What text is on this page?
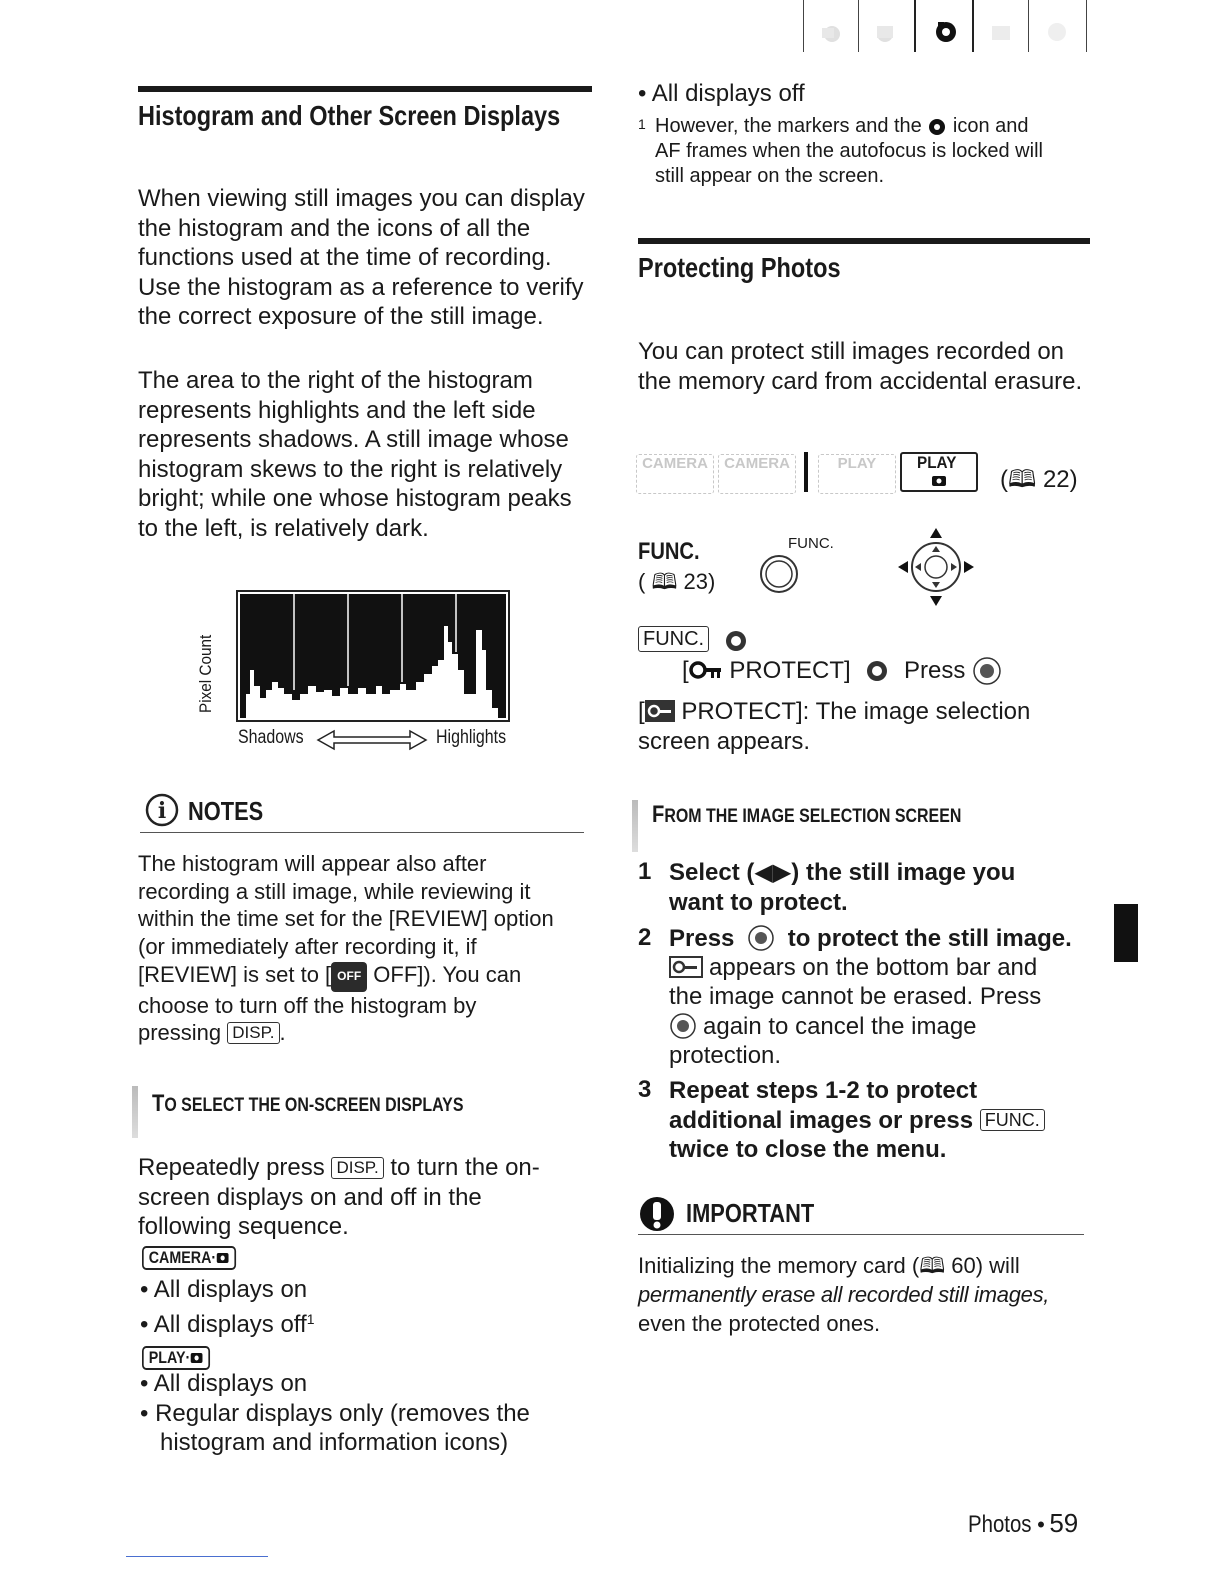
Histogram and Other Screen Displays
When viewing still images you can display the histogram and the icons of all the functions used at the time of recording. Use the histogram as a reference to verify the correct exposure of the still image.
The area to the right of the histogram represents highlights and the left side represents shadows. A still image whose histogram skews to the right is relatively bright; while one whose histogram peaks to the left, is relatively dark.
Pixel Count
Shadows	Highlights
i NOTES
The histogram will appear also after
recording a still image, while reviewing it
within the time set for the [REVIEW] option
(or immediately after recording it, if
[REVIEW] is set to [ OFF OFF]). You can
choose to turn off the histogram by
pressing DISP. .
TO SELECT THE ON-SCREEN DISPLAYS
Repeatedly press DISP. to turn the on-
screen displays on and off in the
following sequence.
CAMERA·
• All displays on
• All displays off$^1$
PLAY·
• All displays on
• Regular displays only (removes the
histogram and information icons)
• All displays off
1 However, the markers and the  icon and
AF frames when the autofocus is locked will
still appear on the screen.
Protecting Photos
You can protect still images recorded on the memory card from accidental erasure.
CAMERA	CAMERA	PLAY	PLAY
(🕮 22)
FUNC.
( 🕮 23)
FUNC.
FUNC.
[ PROTECT] Press
[ PROTECT]: The image selection
screen appears.
FROM THE IMAGE SELECTION SCREEN
1 Select (◀▶) the still image you
want to protect.
2 Press to protect the still image.
appears on the bottom bar and
the image cannot be erased. Press
again to cancel the image
protection.
3 Repeat steps 1-2 to protect
additional images or press FUNC.
twice to close the menu.
IMPORTANT
Initializing the memory card (🕮 60) will
permanently erase all recorded still images,
even the protected ones.
Photos • 59
